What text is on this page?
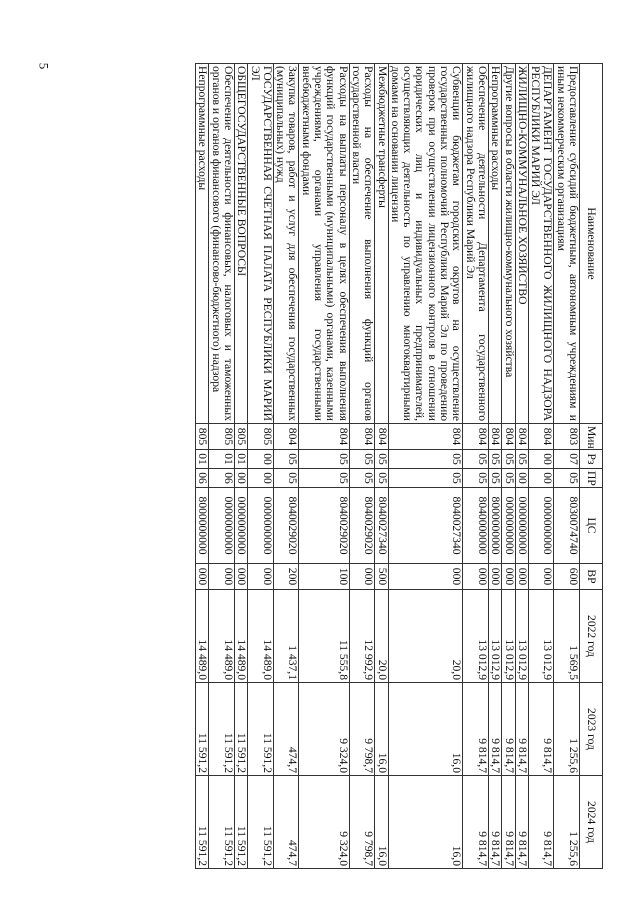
5
Наименование	Мин	Рз	ПР	ЦС	ВР	2022 год	2023 год	2024 год
Предоставление субсидий бюджетным, автономным учреждениям и иным некоммерческим организациям	803	07	05	8030074740	600	1 569,5	1 255,6	1 255,6
ДЕПАРТАМЕНТ ГОСУДАРСТВЕННОГО ЖИЛИЩНОГО НАДЗОРА РЕСПУБЛИКИ МАРИЙ ЭЛ	804	00	00	0000000000	000	13 012,9	9 814,7	9 814,7
ЖИЛИЩНО-КОММУНАЛЬНОЕ ХОЗЯЙСТВО	804	05	00	0000000000	000	13 012,9	9 814,7	9 814,7
Другие вопросы в области жилищно-коммунального хозяйства	804	05	05	0000000000	000	13 012,9	9 814,7	9 814,7
Непрограммные расходы	804	05	05	8000000000	000	13 012,9	9 814,7	9 814,7
Обеспечение деятельности Департамента государственного жилищного надзора Республики Марий Эл	804	05	05	8040000000	000	13 012,9	9 814,7	9 814,7
Субвенции бюджетам городских округов на осуществление государственных полномочий Республики Марий Эл по проведению проверок при осуществлении лицензионного контроля в отношении юридических лиц и индивидуальных предпринимателей, осуществляющих деятельность по управлению многоквартирными домами на основании лицензии	804	05	05	8040027340	000	20,0	16,0	16,0
Межбюджетные трансферты	804	05	05	8040027340	500	20,0	16,0	16,0
Расходы на обеспечение выполнения функций органов государственной власти	804	05	05	8040029020	000	12 992,9	9 798,7	9 798,7
Расходы на выплаты персоналу в целях обеспечения выполнения функций государственными (муниципальными) органами, казенными учреждениями, органами управления государственными внебюджетными фондами	804	05	05	8040029020	100	11 555,8	9 324,0	9 324,0
Закупка товаров, работ и услуг для обеспечения государственных (муниципальных) нужд	804	05	05	8040029020	200	1 437,1	474,7	474,7
ГОСУДАРСТВЕННАЯ СЧЕТНАЯ ПАЛАТА РЕСПУБЛИКИ МАРИЙ ЭЛ	805	00	00	0000000000	000	14 489,0	11 591,2	11 591,2
ОБЩЕГОСУДАРСТВЕННЫЕ ВОПРОСЫ	805	01	00	0000000000	000	14 489,0	11 591,2	11 591,2
Обеспечение деятельности финансовых, налоговых и таможенных органов и органов финансового (финансово-бюджетного) надзора	805	01	06	0000000000	000	14 489,0	11 591,2	11 591,2
Непрограммные расходы	805	01	06	8000000000	000	14 489,0	11 591,2	11 591,2
